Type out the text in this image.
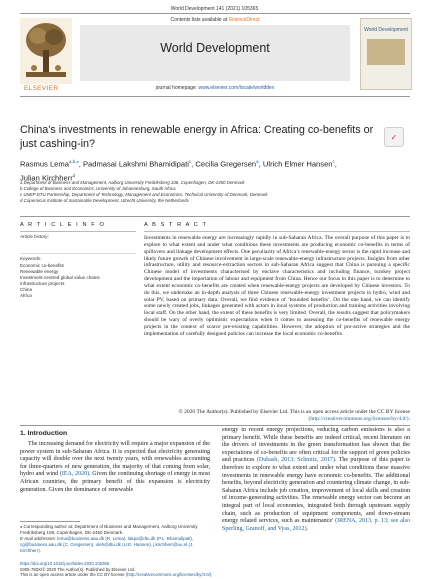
World Development 141 (2021) 105365
ELSEVIER
Contents lists available at ScienceDirect
World Development
journal homepage: www.elsevier.com/locate/worlddev
World Development
China’s investments in renewable energy in Africa: Creating co-benefits or just cashing-in?
✓
Rasmus Lema$^{a,b,⁎}$, Padmasai Lakshmi Bhamidipati$^c$, Cecilia Gregersen$^a$, Ulrich Elmer Hansen$^c$,
Julian Kirchherr$^d$
a Department of Business and Management, Aalborg University Fredriksberg 108, Copenhagen, DK-2450 Denmark
b College of Business and Economics, University of Johannesburg, South Africa
c UNEP DTU Partnership, Department of Technology, Management and Economics, Technical University of Denmark, Denmark
d Copernicus Institute of Sustainable Development, Utrecht University, the Netherlands
A R T I C L E I N F O	A B S T R A C T
Article history:
Keywords:
Economic co-benefits
Renewable energy
Investment-centred global value chains
Infrastructure projects
China
Africa
Investments in renewable energy are increasingly rapidly in sub-Saharan Africa. The overall purpose of this paper is to explore to what extent and under what conditions these investments are producing economic co-benefits in terms of spillovers and linkage development effects. One peculiarity of Africa’s renewable-energy sector is the rapid increase and likely future growth of Chinese involvement in large-scale renewable-energy infrastructure projects. Insights from other infrastructure, utility and resource-extraction sectors in sub-Saharan Africa suggest that China is pursuing a specific Chinese model of investments characterised by enclave characteristics and including finance, turnkey project development and the importation of labour and equipment from China. Hence our focus in this paper is to determine to what extent economic co-benefits are created when renewable-energy projects are developed by Chinese investors. To do this, we undertake an in-depth analysis of three Chinese renewable-energy investment projects in hydro, wind and solar PV, based on primary data. Overall, we find evidence of ‘bounded benefits’. On the one hand, we can identify some newly created jobs, linkages generated with actors in local systems of production and training activities involving local staff. On the other hand, the extent of these benefits is very limited. Overall, the results suggest that policymakers should be wary of overly optimistic expectations when it comes to assessing the co-benefits of renewable energy projects in the context of scarce pre-existing capabilities. However, the adoption of pro-active strategies and the implementation of carefully designed policies can increase the local economic co-benefits.
© 2020 The Author(s). Published by Elsevier Ltd. This is an open access article under the CC BY license (http://creativecommons.org/licenses/by/4.0/).
1. Introduction
The increasing demand for electricity will require a major expansion of the power system in sub-Saharan Africa. It is expected that electricity generating capacity will double over the next twenty years, with renewables accounting for three-quarters of new generation, the majority of that coming from solar, hydro and wind (IEA, 2020). Given the continuing shortage of energy in most African countries, the primary benefit of this expansion is electricity generation. Given the dominance of renewable
energy in recent energy projections, reducing carbon emissions is also a primary benefit. While these benefits are indeed critical, recent literature on the drivers of investments in the green transformation has shown that the expectations of co-benefits are often critical for the support of green policies and practices (Dubash, 2013; Schmitz, 2017). The purpose of this paper is therefore to explore to what extent and under what conditions these massive investments in renewable energy have economic co-benefits. The additional benefits, beyond electricity generation and countering climate change, in sub-Saharan Africa include job creation, improvement of local skills and creation of income-generating activities. The renewable energy sector can become an integral part of local economies, integrated both through upstream supply chain, such as production of equipment components, and down-stream energy related services, such as maintenance' (IRENA, 2013, p. 13; see also Sperling, Granoff, and Vyas, 2012).
⁎ Corresponding author at: Department of Business and Management, Aalborg University Fredriksberg 108, Copenhagen, DK-2450 Denmark.
E-mail addresses: lema@business.aau.dk (R. Lema), lakpa@dtu.dk (P.L. Bhamidipati), cg@business.aau.dk (C. Gregersen), uleh@dtu.dk (U.E. Hansen), j.kirchherr@uu.nl (J. Kirchherr).
https://doi.org/10.1016/j.worlddev.2020.105365
0305-750X/© 2020 The Author(s). Published by Elsevier Ltd.
This is an open access article under the CC BY license (http://creativecommons.org/licenses/by/4.0/).
